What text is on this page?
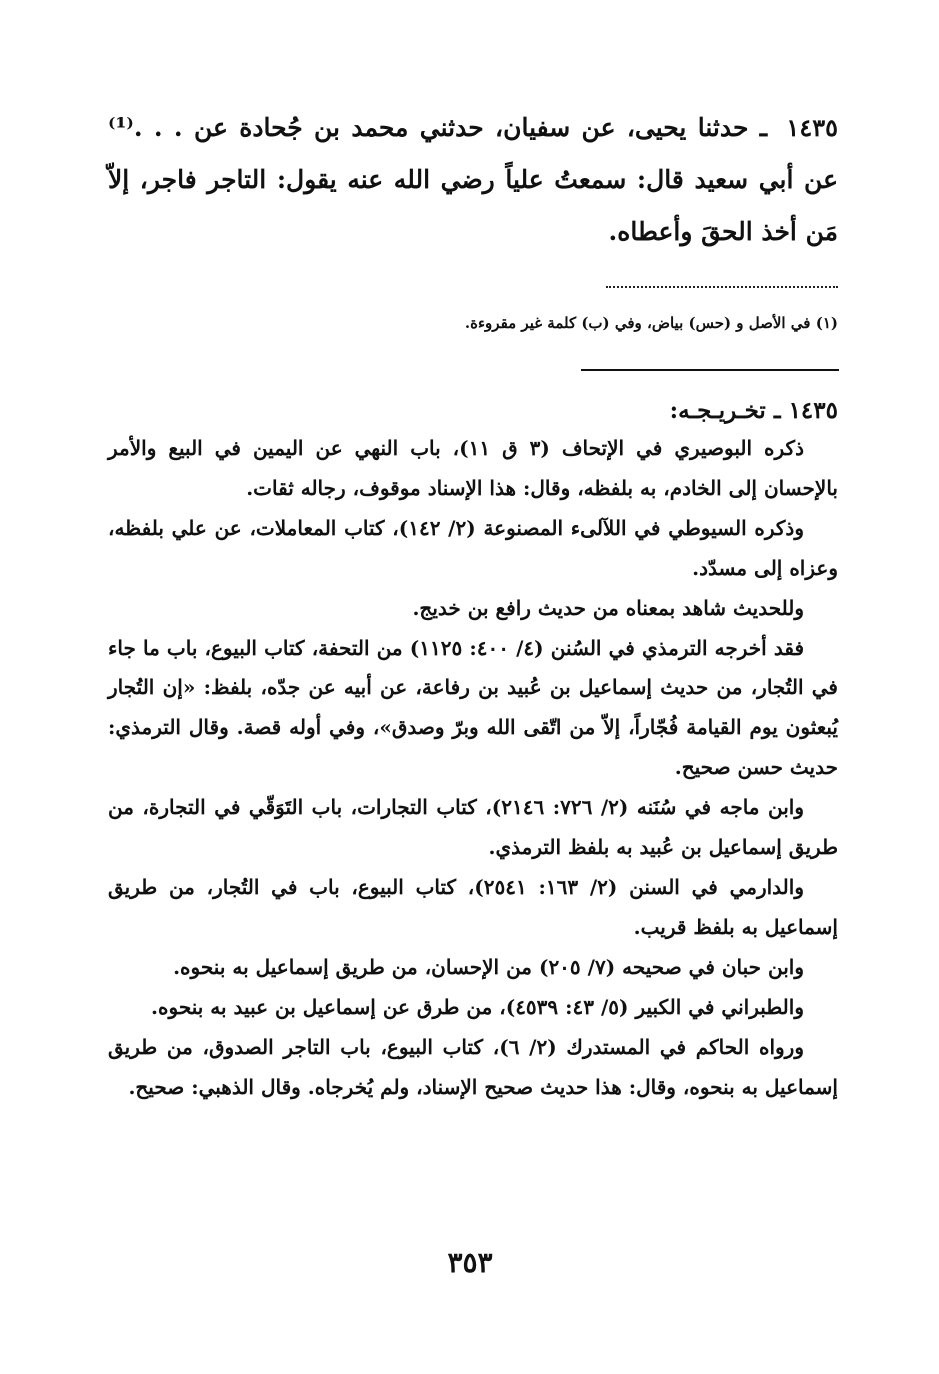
١٤٣٥ ـ حدثنا يحيى، عن سفيان، حدثني محمد بن جُحادة عن . . .⁽¹⁾ عن أبي سعيد قال: سمعتُ علياً رضي الله عنه يقول: التاجر فاجر، إلاّ مَن أخذ الحقَ وأعطاه.
(١) في الأصل و (حس) بياض، وفي (ب) كلمة غير مقروءة.
١٤٣٥ ـ تخـريـجـه:

ذكره البوصيري في الإتحاف (٣ ق ١١)، باب النهي عن اليمين في البيع والأمر بالإحسان إلى الخادم، به بلفظه، وقال: هذا الإسناد موقوف، رجاله ثقات.

وذكره السيوطي في اللآلىء المصنوعة (٢/ ١٤٢)، كتاب المعاملات، عن علي بلفظه، وعزاه إلى مسدّد.

وللحديث شاهد بمعناه من حديث رافع بن خديج.

فقد أخرجه الترمذي في السُنن (٤/ ٤٠٠: ١١٢٥) من التحفة، كتاب البيوع، باب ما جاء في التُجار، من حديث إسماعيل بن عُبيد بن رفاعة، عن أبيه عن جدّه، بلفظ: «إن التُجار يُبعثون يوم القيامة فُجّاراً، إلاّ من اتّقى الله وبرّ وصدق»، وفي أوله قصة. وقال الترمذي: حديث حسن صحيح.

وابن ماجه في سُنَنه (٢/ ٧٢٦: ٢١٤٦)، كتاب التجارات، باب التَوَقّي في التجارة، من طريق إسماعيل بن عُبيد به بلفظ الترمذي.

والدارمي في السنن (٢/ ١٦٣: ٢٥٤١)، كتاب البيوع، باب في التُجار، من طريق إسماعيل به بلفظ قريب.

وابن حبان في صحيحه (٧/ ٢٠٥) من الإحسان، من طريق إسماعيل به بنحوه.

والطبراني في الكبير (٥/ ٤٣: ٤٥٣٩)، من طرق عن إسماعيل بن عبيد به بنحوه.

ورواه الحاكم في المستدرك (٢/ ٦)، كتاب البيوع، باب التاجر الصدوق، من طريق إسماعيل به بنحوه، وقال: هذا حديث صحيح الإسناد، ولم يُخرجاه. وقال الذهبي: صحيح.

٣٥٣
